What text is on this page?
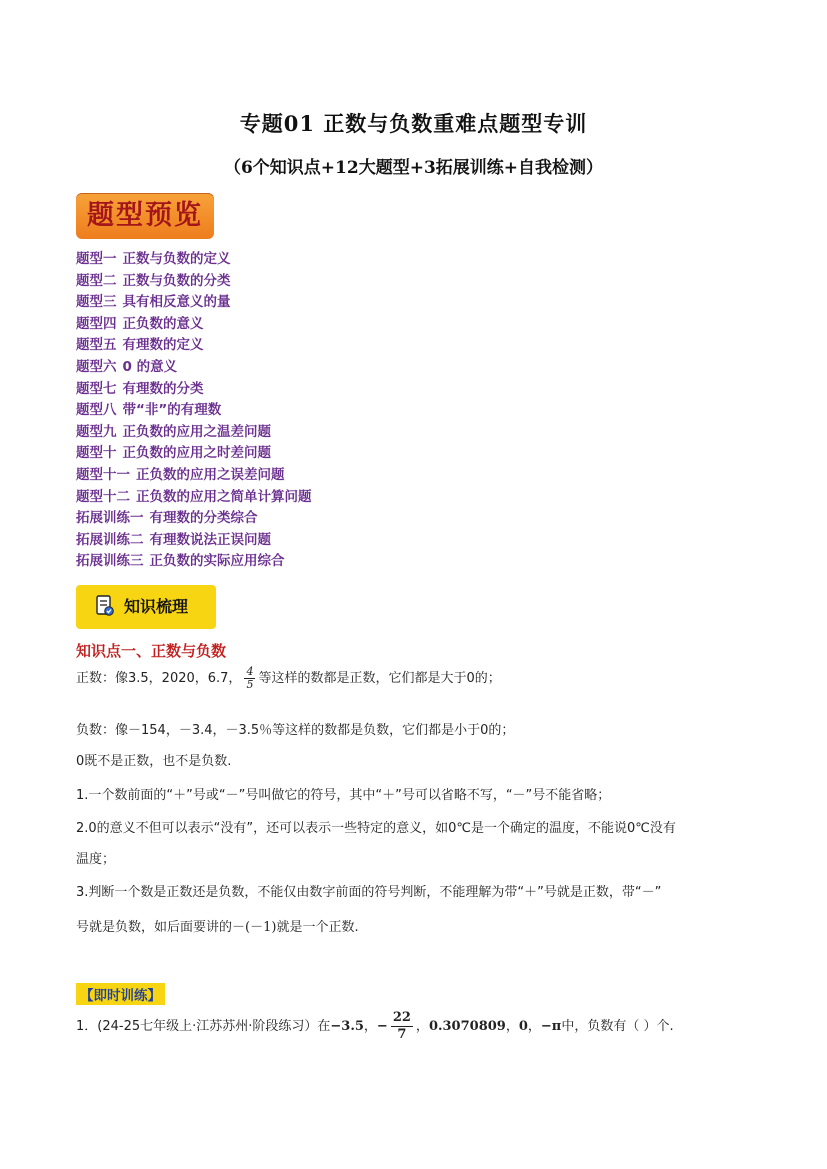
专题01 正数与负数重难点题型专训
（6个知识点+12大题型+3拓展训练+自我检测）
题型预览
题型一 正数与负数的定义
题型二 正数与负数的分类
题型三 具有相反意义的量
题型四 正负数的意义
题型五 有理数的定义
题型六 0 的意义
题型七 有理数的分类
题型八 带“非”的有理数
题型九 正负数的应用之温差问题
题型十 正负数的应用之时差问题
题型十一 正负数的应用之误差问题
题型十二 正负数的应用之简单计算问题
拓展训练一 有理数的分类综合
拓展训练二 有理数说法正误问题
拓展训练三 正负数的实际应用综合
知识梳理
知识点一、正数与负数
正数：像3.5，2020，6.7， $\frac{4}{5}$ 等这样的数都是正数，它们都是大于0的；
负数：像－154，－3.4，－3.5％等这样的数都是负数，它们都是小于0的；
0既不是正数，也不是负数.
1.一个数前面的“＋”号或“－”号叫做它的符号，其中“＋”号可以省略不写，“－”号不能省略；
2.0的意义不但可以表示“没有”，还可以表示一些特定的意义，如0℃是一个确定的温度，不能说0℃没有
温度；
3.判断一个数是正数还是负数，不能仅由数字前面的符号判断，不能理解为带“＋”号就是正数，带“－”
号就是负数，如后面要讲的－(－1)就是一个正数.
【即时训练】
1．(24-25七年级上·江苏苏州·阶段练习）在−3.5，− $\frac{22}{7}$ ，0.3070809，0，−π中，负数有（ ）个.
